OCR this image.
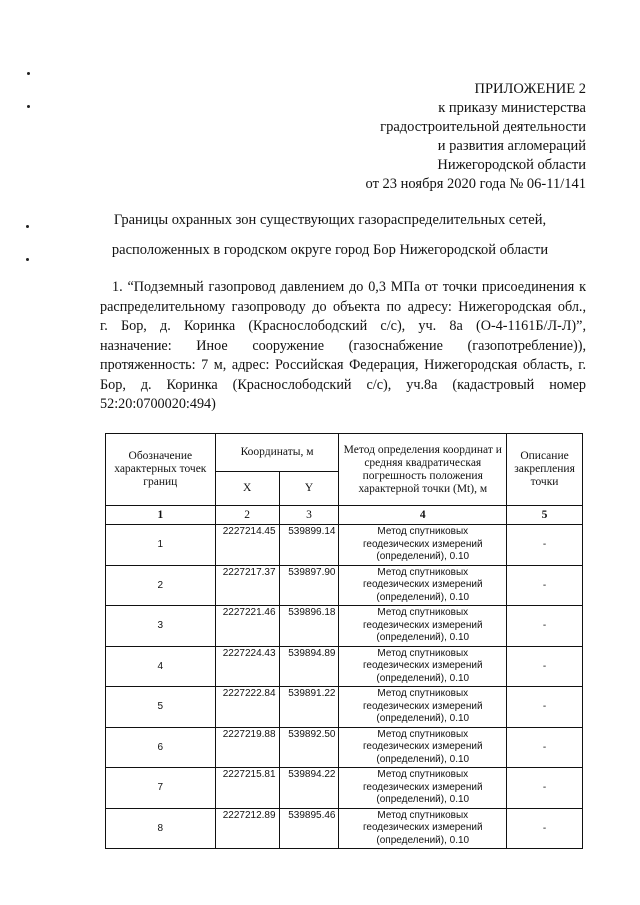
ПРИЛОЖЕНИЕ 2
к приказу министерства
градостроительной деятельности
и развития агломераций
Нижегородской области
от 23 ноября 2020 года № 06-11/141
Границы охранных зон существующих газораспределительных сетей,
расположенных в городском округе город Бор Нижегородской области
1. “Подземный газопровод давлением до 0,3 МПа от точки присоединения к
распределительному газопроводу до объекта по адресу: Нижегородская обл.,
г. Бор, д. Коринка (Краснослободский с/с), уч. 8а (О-4-1161Б/Л-Л)”,
назначение: Иное сооружение (газоснабжение (газопотребление)),
протяженность: 7 м, адрес: Российская Федерация, Нижегородская область, г.
Бор, д. Коринка (Краснослободский с/с), уч.8а (кадастровый номер
52:20:0700020:494)
Обозначение характерных точек границ	Координаты, м		Метод определения координат и средняя квадратическая погрешность положения характерной точки (Mt), м	Описание закрепления точки
	X	Y		
1	2	3	4	5
1	2227214.45	539899.14	Метод спутниковых
геодезических измерений
(определений), 0.10	-
2	2227217.37	539897.90	Метод спутниковых
геодезических измерений
(определений), 0.10	-
3	2227221.46	539896.18	Метод спутниковых
геодезических измерений
(определений), 0.10	-
4	2227224.43	539894.89	Метод спутниковых
геодезических измерений
(определений), 0.10	-
5	2227222.84	539891.22	Метод спутниковых
геодезических измерений
(определений), 0.10	-
6	2227219.88	539892.50	Метод спутниковых
геодезических измерений
(определений), 0.10	-
7	2227215.81	539894.22	Метод спутниковых
геодезических измерений
(определений), 0.10	-
8	2227212.89	539895.46	Метод спутниковых
геодезических измерений
(определений), 0.10	-
